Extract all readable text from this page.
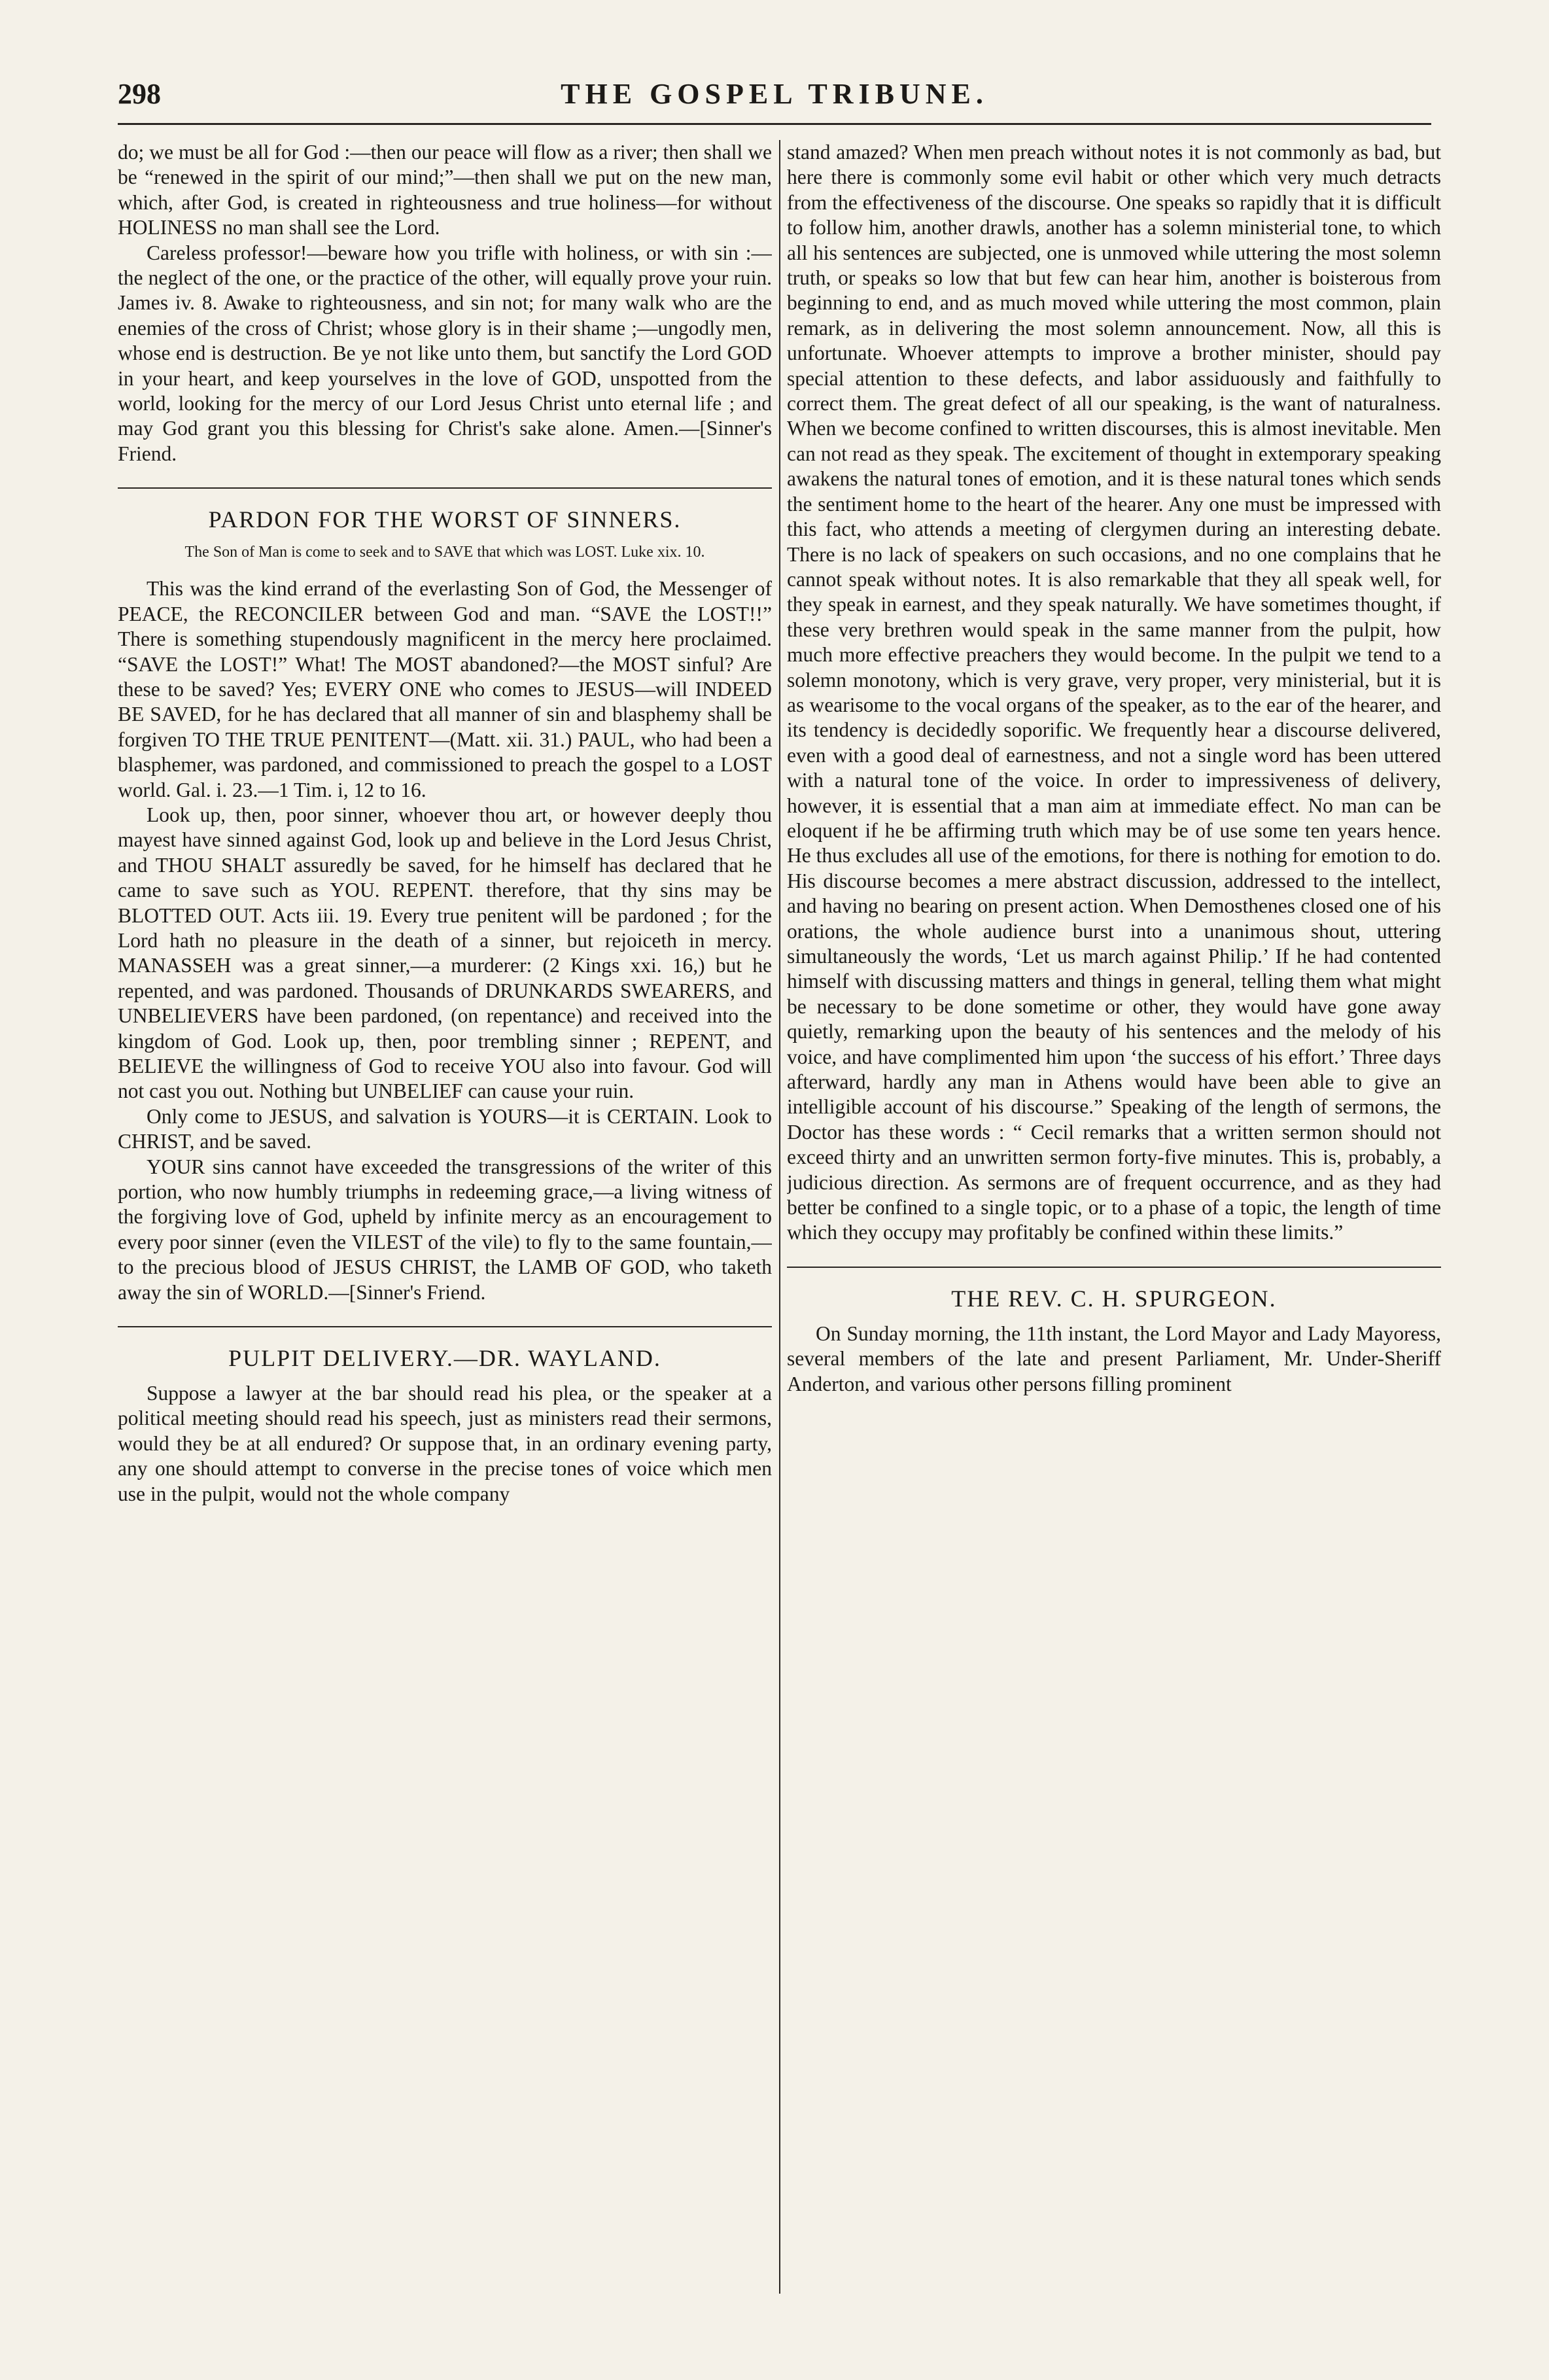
298	THE GOSPEL TRIBUNE.

do; we must be all for God :—then our peace will flow as a river; then shall we be “renewed in the spirit of our mind;”—then shall we put on the new man, which, after God, is created in righteousness and true holiness—for without HOLINESS no man shall see the Lord.

Careless professor!—beware how you trifle with holiness, or with sin :—the neglect of the one, or the practice of the other, will equally prove your ruin. James iv. 8. Awake to righteousness, and sin not; for many walk who are the enemies of the cross of Christ; whose glory is in their shame ;—ungodly men, whose end is destruction. Be ye not like unto them, but sanctify the Lord GOD in your heart, and keep yourselves in the love of GOD, unspotted from the world, looking for the mercy of our Lord Jesus Christ unto eternal life ; and may God grant you this blessing for Christ's sake alone. Amen.—[Sinner's Friend.

PARDON FOR THE WORST OF SINNERS.
The Son of Man is come to seek and to SAVE that which was LOST. Luke xix. 10.

This was the kind errand of the everlasting Son of God, the Messenger of PEACE, the RECONCILER between God and man. “SAVE the LOST!!” There is something stupendously magnificent in the mercy here proclaimed. “SAVE the LOST!” What! The MOST abandoned?—the MOST sinful? Are these to be saved? Yes; EVERY ONE who comes to JESUS—will INDEED BE SAVED, for he has declared that all manner of sin and blasphemy shall be forgiven TO THE TRUE PENITENT—(Matt. xii. 31.) PAUL, who had been a blasphemer, was pardoned, and commissioned to preach the gospel to a LOST world. Gal. i. 23.—1 Tim. i, 12 to 16.

Look up, then, poor sinner, whoever thou art, or however deeply thou mayest have sinned against God, look up and believe in the Lord Jesus Christ, and THOU SHALT assuredly be saved, for he himself has declared that he came to save such as YOU. REPENT. therefore, that thy sins may be BLOTTED OUT. Acts iii. 19. Every true penitent will be pardoned ; for the Lord hath no pleasure in the death of a sinner, but rejoiceth in mercy. MANASSEH was a great sinner,—a murderer: (2 Kings xxi. 16,) but he repented, and was pardoned. Thousands of DRUNKARDS SWEARERS, and UNBELIEVERS have been pardoned, (on repentance) and received into the kingdom of God. Look up, then, poor trembling sinner ; REPENT, and BELIEVE the willingness of God to receive YOU also into favour. God will not cast you out. Nothing but UNBELIEF can cause your ruin.

Only come to JESUS, and salvation is YOURS—it is CERTAIN. Look to CHRIST, and be saved.

YOUR sins cannot have exceeded the transgressions of the writer of this portion, who now humbly triumphs in redeeming grace,—a living witness of the forgiving love of God, upheld by infinite mercy as an encouragement to every poor sinner (even the VILEST of the vile) to fly to the same fountain,—to the precious blood of JESUS CHRIST, the LAMB OF GOD, who taketh away the sin of WORLD.—[Sinner's Friend.

PULPIT DELIVERY.—DR. WAYLAND.

Suppose a lawyer at the bar should read his plea, or the speaker at a political meeting should read his speech, just as ministers read their sermons, would they be at all endured? Or suppose that, in an ordinary evening party, any one should attempt to converse in the precise tones of voice which men use in the pulpit, would not the whole company

stand amazed? When men preach without notes it is not commonly as bad, but here there is commonly some evil habit or other which very much detracts from the effectiveness of the discourse. One speaks so rapidly that it is difficult to follow him, another drawls, another has a solemn ministerial tone, to which all his sentences are subjected, one is unmoved while uttering the most solemn truth, or speaks so low that but few can hear him, another is boisterous from beginning to end, and as much moved while uttering the most common, plain remark, as in delivering the most solemn announcement. Now, all this is unfortunate. Whoever attempts to improve a brother minister, should pay special attention to these defects, and labor assiduously and faithfully to correct them. The great defect of all our speaking, is the want of naturalness. When we become confined to written discourses, this is almost inevitable. Men can not read as they speak. The excitement of thought in extemporary speaking awakens the natural tones of emotion, and it is these natural tones which sends the sentiment home to the heart of the hearer. Any one must be impressed with this fact, who attends a meeting of clergymen during an interesting debate. There is no lack of speakers on such occasions, and no one complains that he cannot speak without notes. It is also remarkable that they all speak well, for they speak in earnest, and they speak naturally. We have sometimes thought, if these very brethren would speak in the same manner from the pulpit, how much more effective preachers they would become. In the pulpit we tend to a solemn monotony, which is very grave, very proper, very ministerial, but it is as wearisome to the vocal organs of the speaker, as to the ear of the hearer, and its tendency is decidedly soporific. We frequently hear a discourse delivered, even with a good deal of earnestness, and not a single word has been uttered with a natural tone of the voice. In order to impressiveness of delivery, however, it is essential that a man aim at immediate effect. No man can be eloquent if he be affirming truth which may be of use some ten years hence. He thus excludes all use of the emotions, for there is nothing for emotion to do. His discourse becomes a mere abstract discussion, addressed to the intellect, and having no bearing on present action. When Demosthenes closed one of his orations, the whole audience burst into a unanimous shout, uttering simultaneously the words, ‘Let us march against Philip.’ If he had contented himself with discussing matters and things in general, telling them what might be necessary to be done sometime or other, they would have gone away quietly, remarking upon the beauty of his sentences and the melody of his voice, and have complimented him upon ‘the success of his effort.’ Three days afterward, hardly any man in Athens would have been able to give an intelligible account of his discourse.” Speaking of the length of sermons, the Doctor has these words : “ Cecil remarks that a written sermon should not exceed thirty and an unwritten sermon forty-five minutes. This is, probably, a judicious direction. As sermons are of frequent occurrence, and as they had better be confined to a single topic, or to a phase of a topic, the length of time which they occupy may profitably be confined within these limits.”

THE REV. C. H. SPURGEON.

On Sunday morning, the 11th instant, the Lord Mayor and Lady Mayoress, several members of the late and present Parliament, Mr. Under-Sheriff Anderton, and various other persons filling prominent
